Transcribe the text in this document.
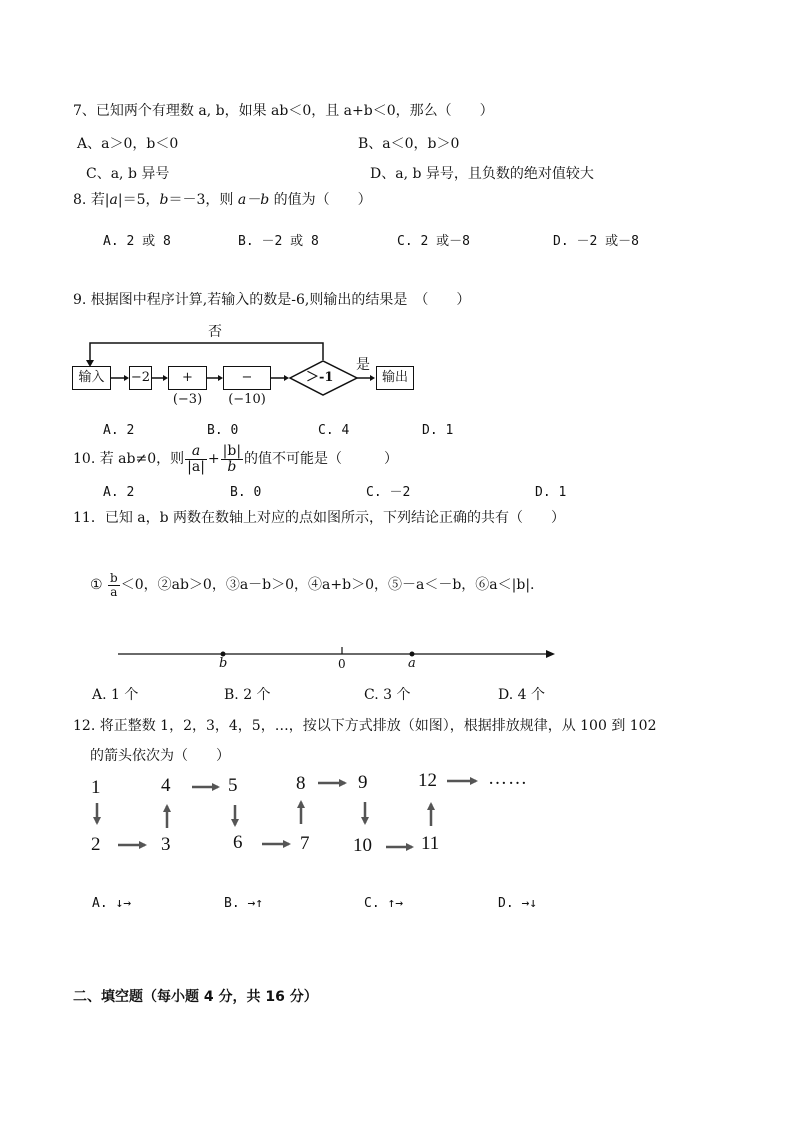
7、已知两个有理数 a, b，如果 ab＜0，且 a+b＜0，那么（　　）
A、a＞0，b＜0	B、a＜0，b＞0
C、a, b 异号	D、a, b 异号，且负数的绝对值较大
8. 若|a|＝5，b＝－3，则 a－b 的值为（　　）
A. 2 或 8	B. －2 或 8	C. 2 或－8	D. －2 或－8
9. 根据图中程序计算,若输入的数是-6,则输出的结果是　（　　）
否
是
输入	−2	+(−3)
−(−10)
＞-1	输出
A. 2	B. 0	C. 4	D. 1
10. 若 ab≠0，则 $\frac{a}{|a|} + \frac{|b|}{b}$ 的值不可能是（　　　）
A. 2	B. 0	C. －2	D. 1
11．已知 a，b 两数在数轴上对应的点如图所示，下列结论正确的共有（　　）
① $\frac{b}{a} <0$，②ab＞0，③a－b＞0，④a+b＞0，⑤－a＜－b，⑥a＜|b|.
b	0	a
A. 1 个	B. 2 个	C. 3 个	D. 4 个
12. 将正整数 1，2，3，4，5，…，按以下方式排放（如图），根据排放规律，从 100 到 102
的箭头依次为（　　）
1
2	3
4	5
6	7
8	9
10	11
12	……
A. ↓→	B. →↑	C. ↑→	D. →↓
二、填空题（每小题 4 分，共 16 分）
